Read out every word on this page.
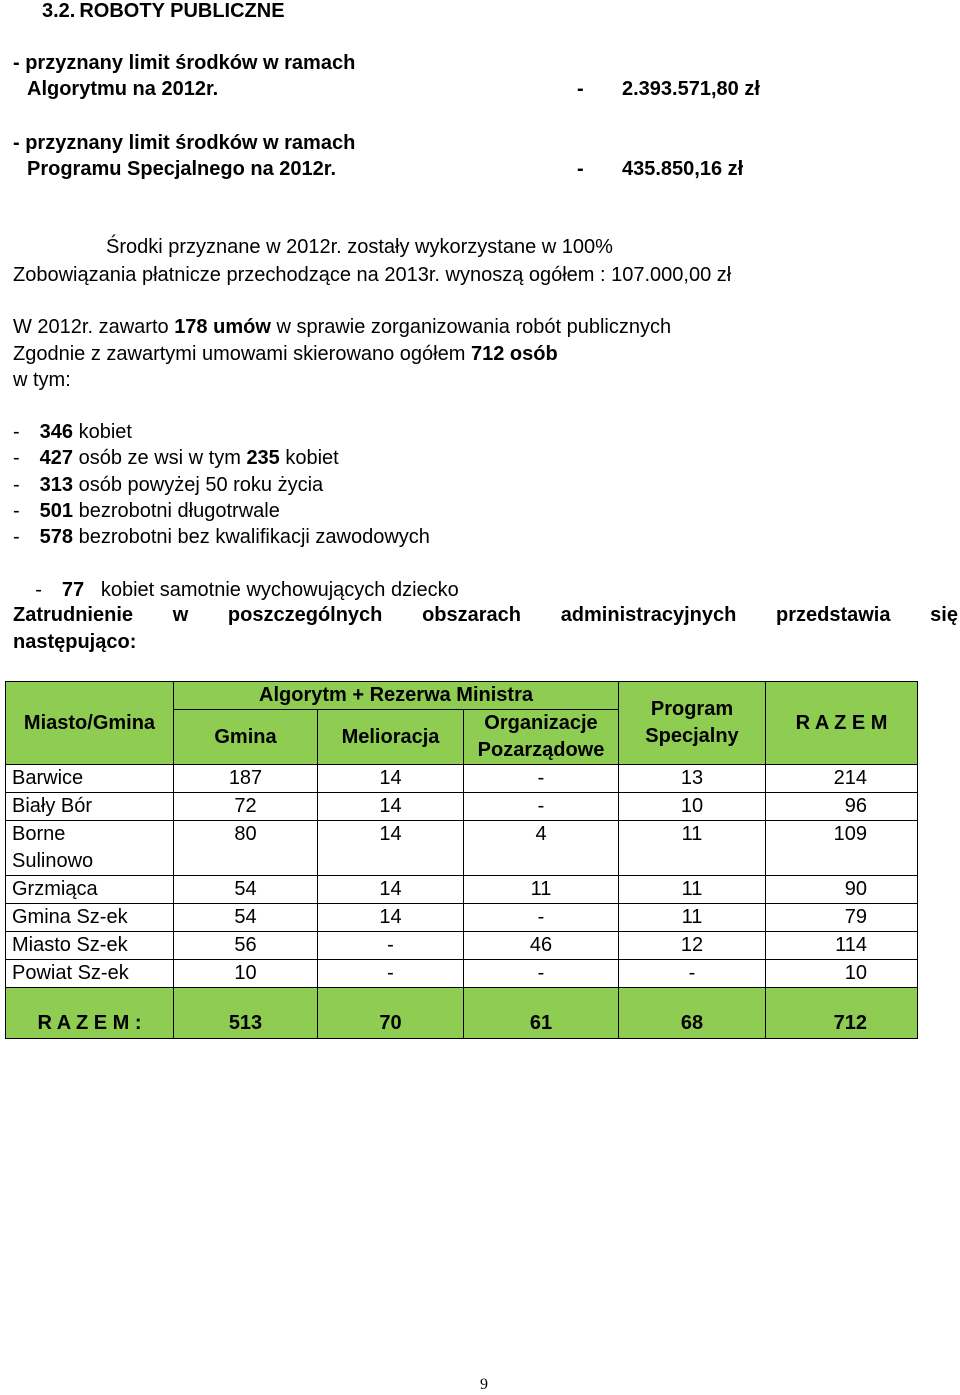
3.2. ROBOTY PUBLICZNE
- przyznany limit środków w ramach
Algorytmu na 2012r.	- 2.393.571,80 zł
- przyznany limit środków w ramach
Programu Specjalnego na 2012r.	- 435.850,16 zł
Środki przyznane w 2012r. zostały wykorzystane w 100%
Zobowiązania płatnicze przechodzące na 2013r. wynoszą ogółem : 107.000,00 zł
W 2012r. zawarto 178 umów w sprawie zorganizowania robót publicznych
Zgodnie z zawartymi umowami skierowano ogółem 712 osób
w tym:
- 346 kobiet
- 427 osób ze wsi w tym 235 kobiet
- 313 osób powyżej 50 roku życia
- 501 bezrobotni długotrwale
- 578 bezrobotni bez kwalifikacji zawodowych

- 77   kobiet samotnie wychowujących dziecko

Zatrudnienie w poszczególnych obszarach administracyjnych przedstawia się
następująco:
Miasto/Gmina	Algorytm + Rezerwa Ministra			Program Specjalny	R A Z E M
	Gmina	Melioracja	Organizacje Pozarządowe		
Barwice	187	14	-	13	214
Biały Bór	72	14	-	10	96
Borne Sulinowo	80	14	4	11	109
Grzmiąca	54	14	11	11	90
Gmina Sz-ek	54	14	-	11	79
Miasto Sz-ek	56	-	46	12	114
Powiat Sz-ek	10	-	-	-	10
R A Z E M :	513	70	61	68	712
9
